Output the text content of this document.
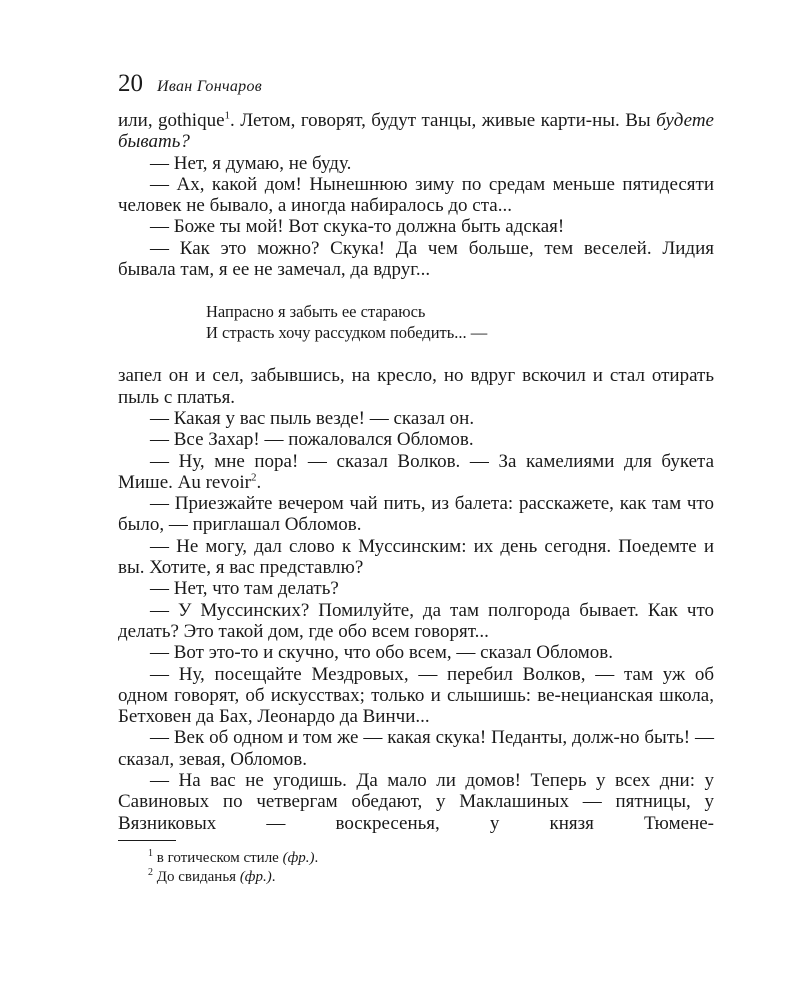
20 Иван Гончаров

или, gothique$^1$. Летом, говорят, будут танцы, живые карти-ны. Вы будете бывать?

— Нет, я думаю, не буду.

— Ах, какой дом! Нынешнюю зиму по средам меньше пятидесяти человек не бывало, а иногда набиралось до ста...

— Боже ты мой! Вот скука-то должна быть адская!

— Как это можно? Скука! Да чем больше, тем веселей. Лидия бывала там, я ее не замечал, да вдруг...

Напрасно я забыть ее стараюсь
И страсть хочу рассудком победить... —

запел он и сел, забывшись, на кресло, но вдруг вскочил и стал отирать пыль с платья.

— Какая у вас пыль везде! — сказал он.

— Все Захар! — пожаловался Обломов.

— Ну, мне пора! — сказал Волков. — За камелиями для букета Мише. Au revoir$^2$.

— Приезжайте вечером чай пить, из балета: расскажете, как там что было, — приглашал Обломов.

— Не могу, дал слово к Муссинским: их день сегодня. Поедемте и вы. Хотите, я вас представлю?

— Нет, что там делать?

— У Муссинских? Помилуйте, да там полгорода бывает. Как что делать? Это такой дом, где обо всем говорят...

— Вот это-то и скучно, что обо всем, — сказал Обломов.

— Ну, посещайте Мездровых, — перебил Волков, — там уж об одном говорят, об искусствах; только и слышишь: ве-нецианская школа, Бетховен да Бах, Леонардо да Винчи...

— Век об одном и том же — какая скука! Педанты, долж-но быть! — сказал, зевая, Обломов.

— На вас не угодишь. Да мало ли домов! Теперь у всех дни: у Савиновых по четвергам обедают, у Маклашиных — пятницы, у Вязниковых — воскресенья, у князя Тюмене-

$^1$ в готическом стиле (фр.).
$^2$ До свиданья (фр.).
